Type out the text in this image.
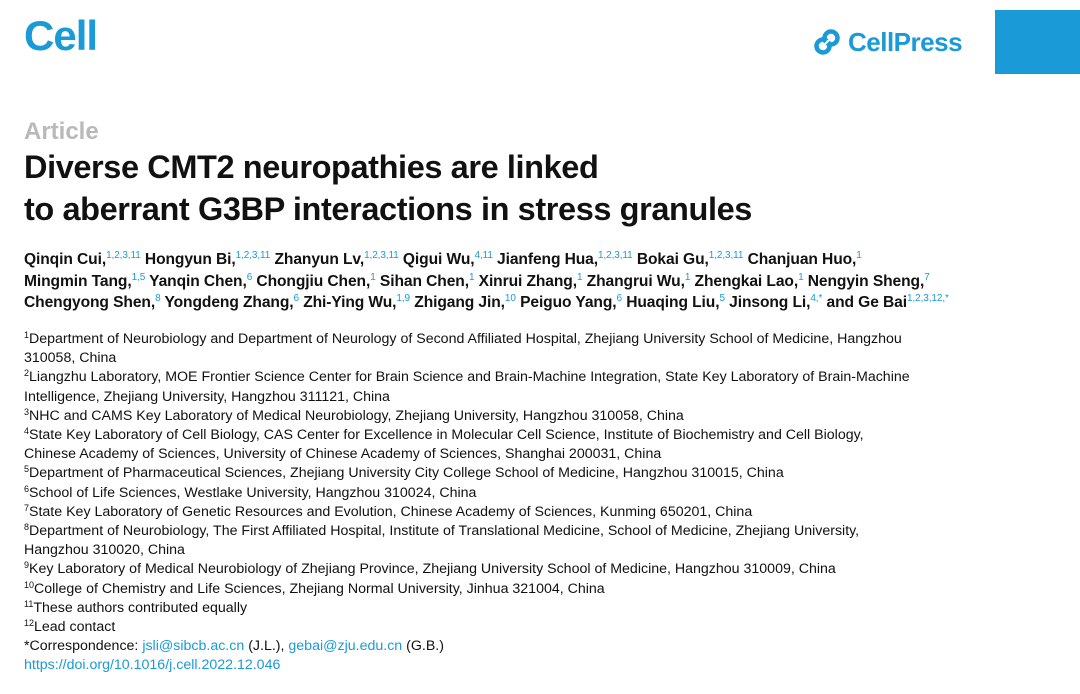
Cell	CellPress
Article
Diverse CMT2 neuropathies are linked
to aberrant G3BP interactions in stress granules
Qinqin Cui,$^{1,2,3,11}$ Hongyun Bi,$^{1,2,3,11}$ Zhanyun Lv,$^{1,2,3,11}$ Qigui Wu,$^{4,11}$ Jianfeng Hua,$^{1,2,3,11}$ Bokai Gu,$^{1,2,3,11}$ Chanjuan Huo,$^1$ Mingmin Tang,$^{1,5}$ Yanqin Chen,$^6$ Chongjiu Chen,$^1$ Sihan Chen,$^1$ Xinrui Zhang,$^1$ Zhangrui Wu,$^1$ Zhengkai Lao,$^1$ Nengyin Sheng,$^7$ Chengyong Shen,$^8$ Yongdeng Zhang,$^6$ Zhi-Ying Wu,$^{1,9}$ Zhigang Jin,$^{10}$ Peiguo Yang,$^6$ Huaqing Liu,$^5$ Jinsong Li,$^{4,*}$ and Ge Bai$^{1,2,3,12,*}$
$^1$Department of Neurobiology and Department of Neurology of Second Affiliated Hospital, Zhejiang University School of Medicine, Hangzhou
310058, China
$^2$Liangzhu Laboratory, MOE Frontier Science Center for Brain Science and Brain-Machine Integration, State Key Laboratory of Brain-Machine
Intelligence, Zhejiang University, Hangzhou 311121, China
$^3$NHC and CAMS Key Laboratory of Medical Neurobiology, Zhejiang University, Hangzhou 310058, China
$^4$State Key Laboratory of Cell Biology, CAS Center for Excellence in Molecular Cell Science, Institute of Biochemistry and Cell Biology,
Chinese Academy of Sciences, University of Chinese Academy of Sciences, Shanghai 200031, China
$^5$Department of Pharmaceutical Sciences, Zhejiang University City College School of Medicine, Hangzhou 310015, China
$^6$School of Life Sciences, Westlake University, Hangzhou 310024, China
$^7$State Key Laboratory of Genetic Resources and Evolution, Chinese Academy of Sciences, Kunming 650201, China
$^8$Department of Neurobiology, The First Affiliated Hospital, Institute of Translational Medicine, School of Medicine, Zhejiang University,
Hangzhou 310020, China
$^9$Key Laboratory of Medical Neurobiology of Zhejiang Province, Zhejiang University School of Medicine, Hangzhou 310009, China
$^{10}$College of Chemistry and Life Sciences, Zhejiang Normal University, Jinhua 321004, China
$^{11}$These authors contributed equally
$^{12}$Lead contact
*Correspondence: jsli@sibcb.ac.cn (J.L.), gebai@zju.edu.cn (G.B.)
https://doi.org/10.1016/j.cell.2022.12.046
